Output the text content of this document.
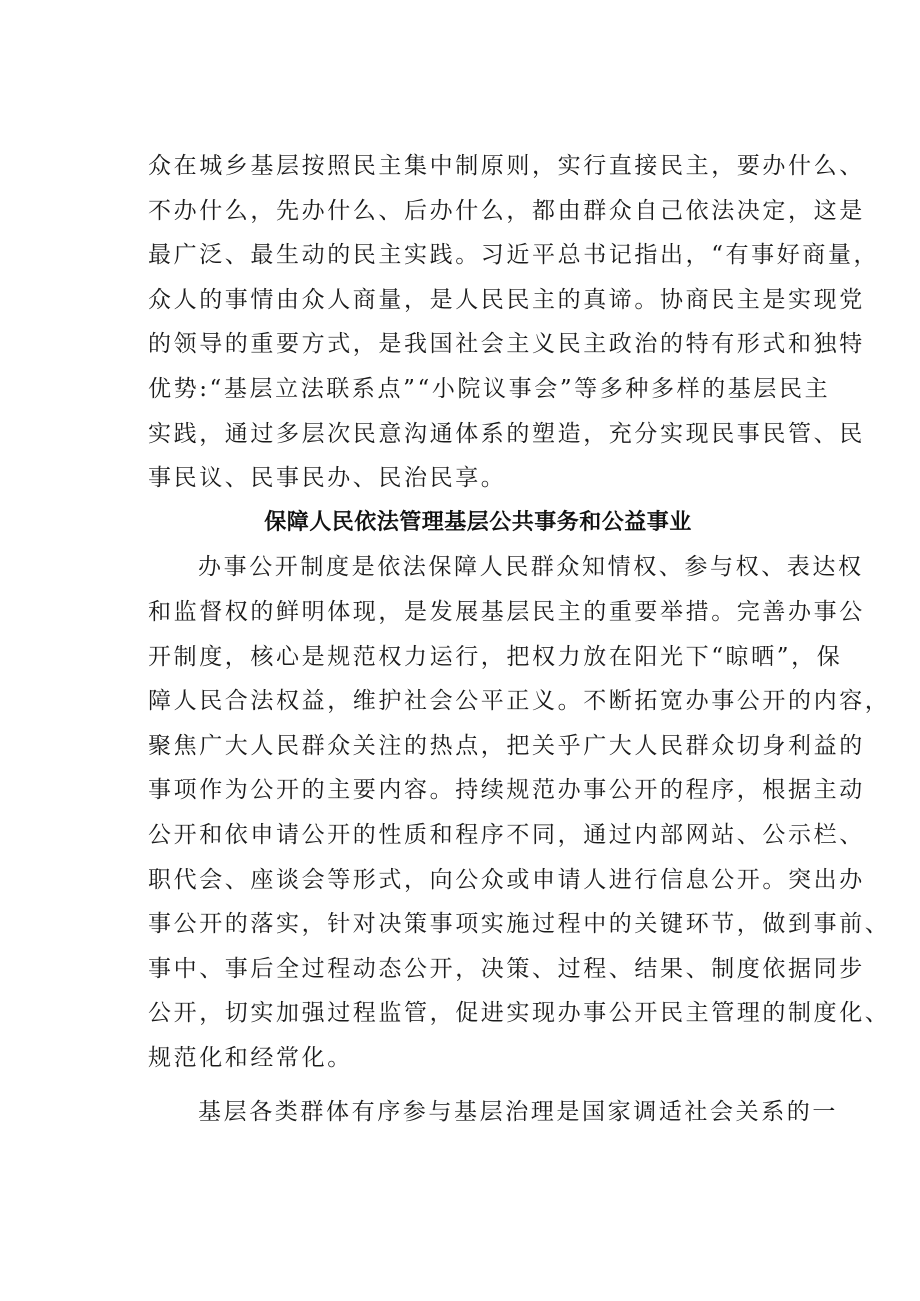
众在城乡基层按照民主集中制原则，实行直接民主，要办什么、
不办什么，先办什么、后办什么，都由群众自己依法决定，这是
最广泛、最生动的民主实践。习近平总书记指出，“有事好商量，
众人的事情由众人商量，是人民民主的真谛。协商民主是实现党
的领导的重要方式，是我国社会主义民主政治的特有形式和独特
优势:“基层立法联系点”“小院议事会”等多种多样的基层民主
实践，通过多层次民意沟通体系的塑造，充分实现民事民管、民
事民议、民事民办、民治民享。
保障人民依法管理基层公共事务和公益事业
办事公开制度是依法保障人民群众知情权、参与权、表达权
和监督权的鲜明体现，是发展基层民主的重要举措。完善办事公
开制度，核心是规范权力运行，把权力放在阳光下“晾晒”，保
障人民合法权益，维护社会公平正义。不断拓宽办事公开的内容，
聚焦广大人民群众关注的热点，把关乎广大人民群众切身利益的
事项作为公开的主要内容。持续规范办事公开的程序，根据主动
公开和依申请公开的性质和程序不同，通过内部网站、公示栏、
职代会、座谈会等形式，向公众或申请人进行信息公开。突出办
事公开的落实，针对决策事项实施过程中的关键环节，做到事前、
事中、事后全过程动态公开，决策、过程、结果、制度依据同步
公开，切实加强过程监管，促进实现办事公开民主管理的制度化、
规范化和经常化。
基层各类群体有序参与基层治理是国家调适社会关系的一
